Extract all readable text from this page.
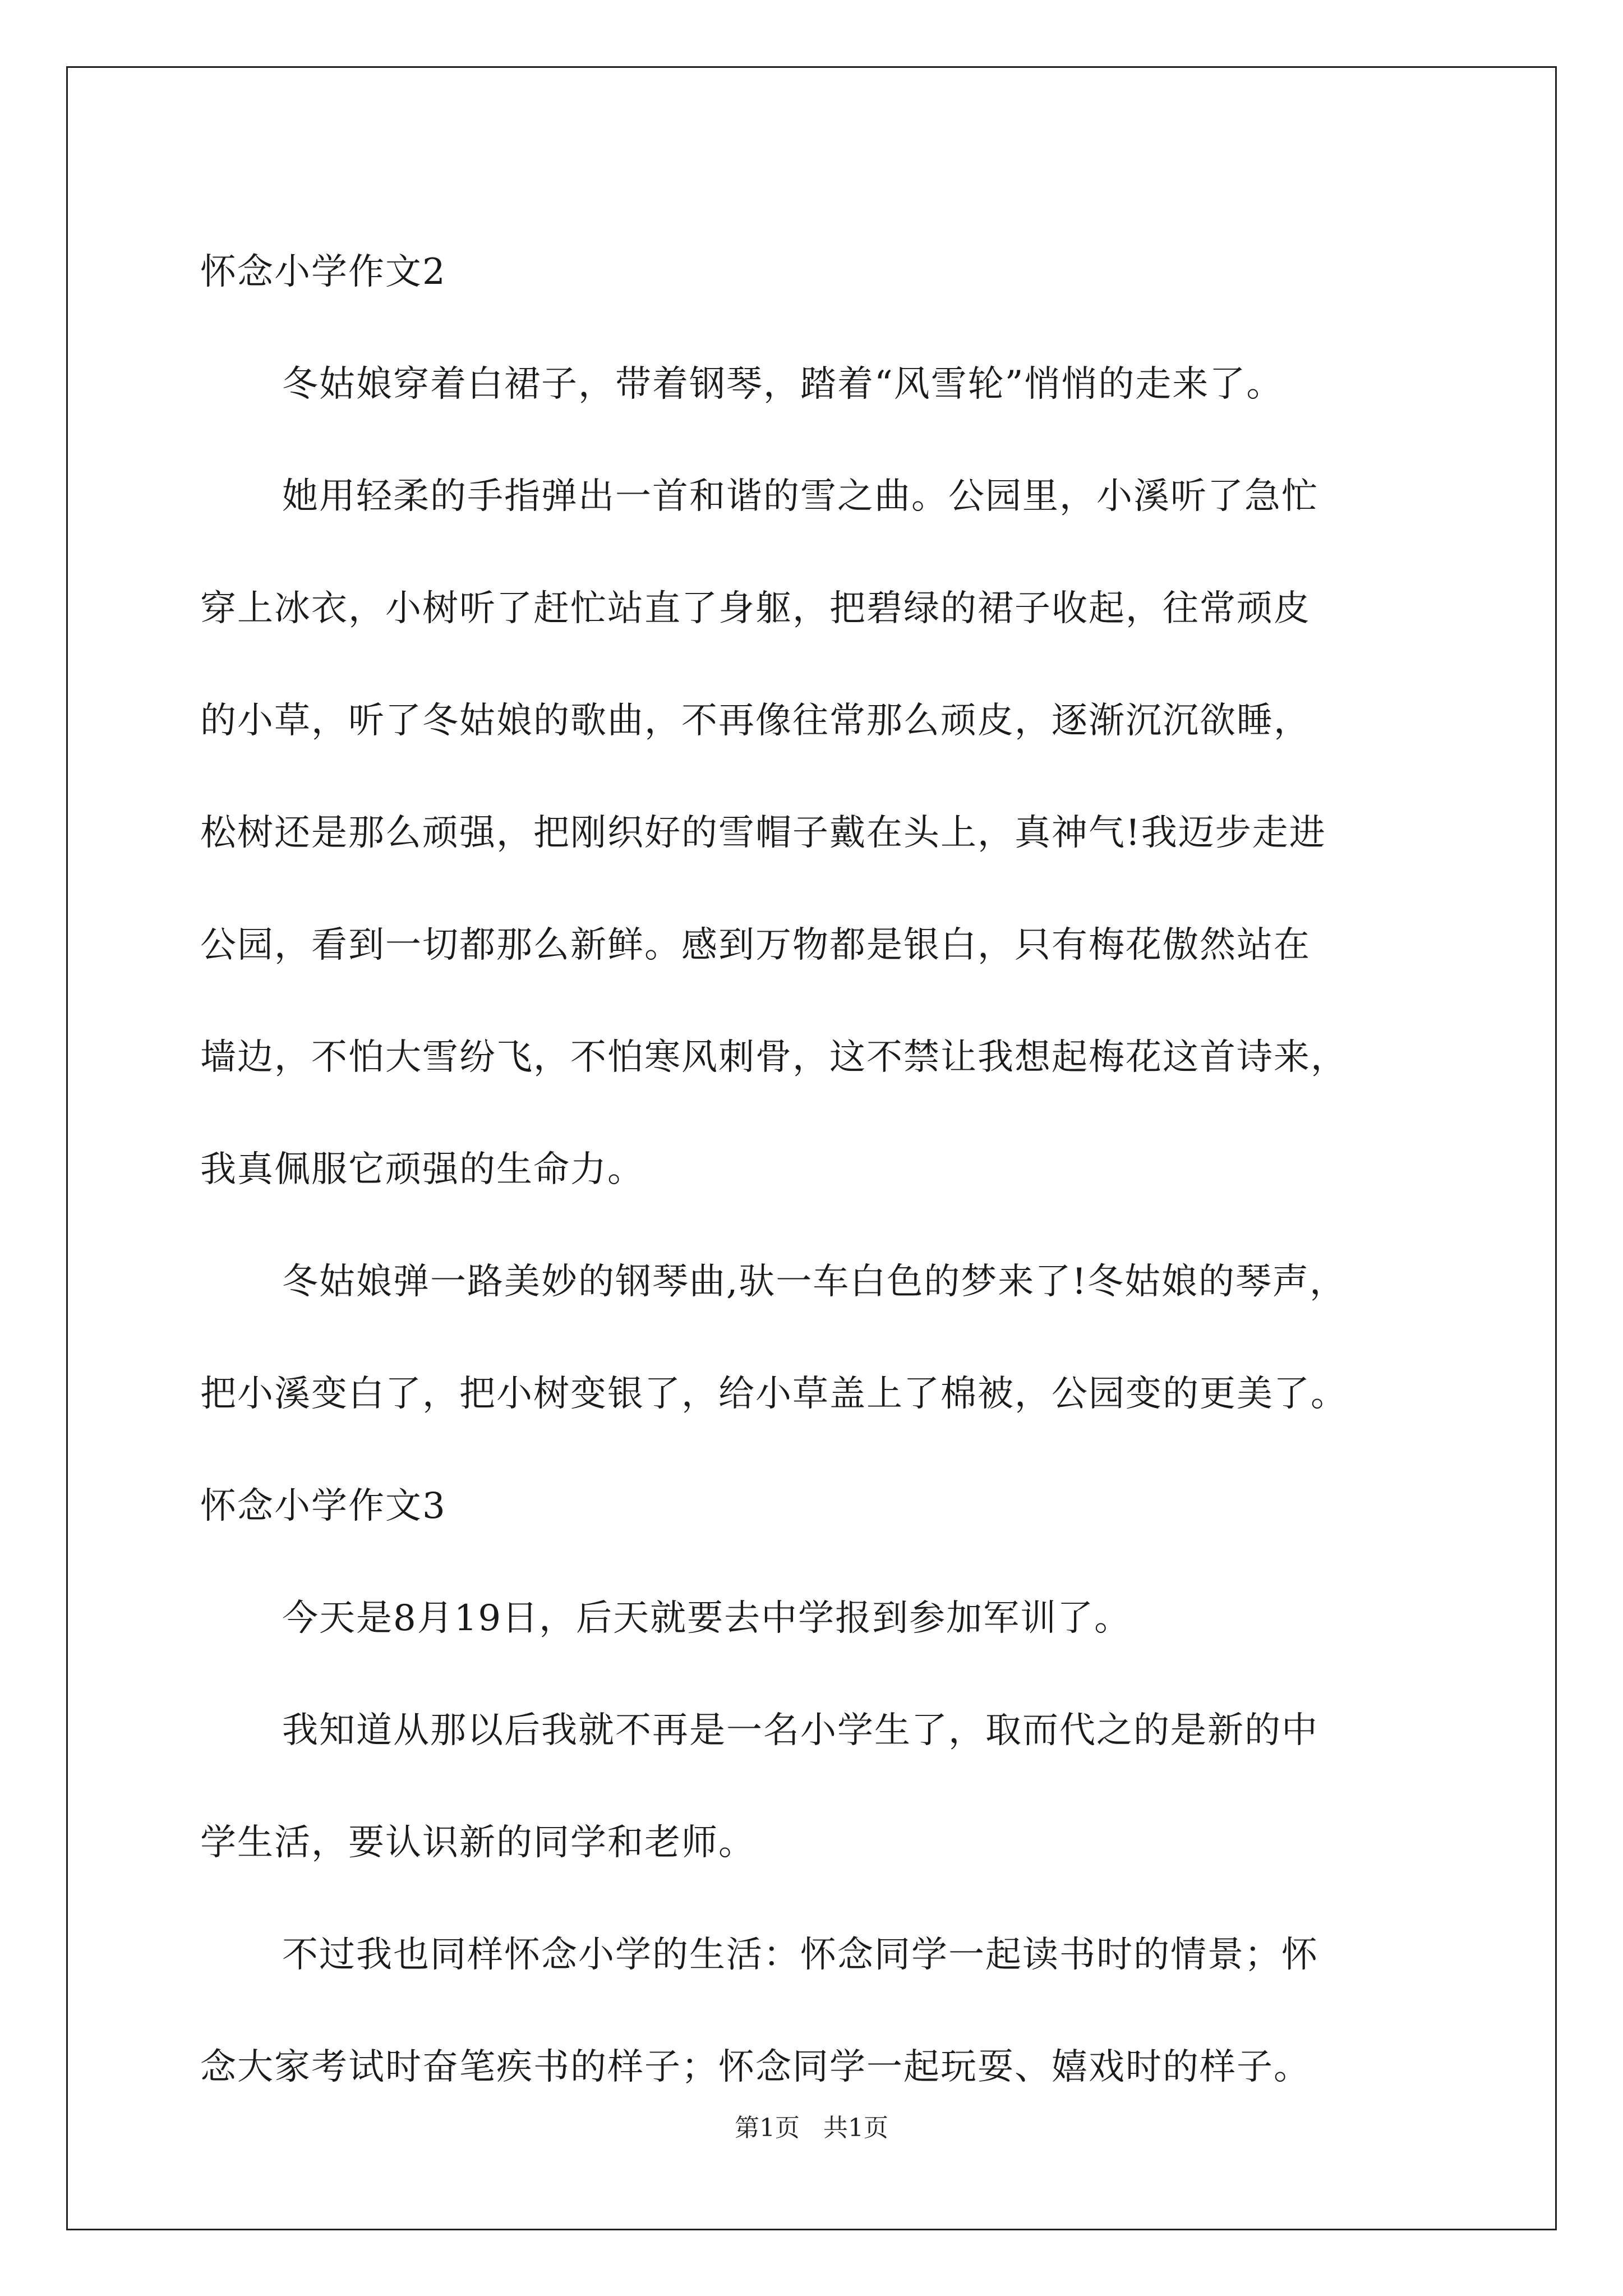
怀念小学作文2

冬姑娘穿着白裙子，带着钢琴，踏着“风雪轮”悄悄的走来了。

她用轻柔的手指弹出一首和谐的雪之曲。公园里，小溪听了急忙

穿上冰衣，小树听了赶忙站直了身躯，把碧绿的裙子收起，往常顽皮

的小草，听了冬姑娘的歌曲，不再像往常那么顽皮，逐渐沉沉欲睡，

松树还是那么顽强，把刚织好的雪帽子戴在头上，真神气!我迈步走进

公园，看到一切都那么新鲜。感到万物都是银白，只有梅花傲然站在

墙边，不怕大雪纷飞，不怕寒风刺骨，这不禁让我想起梅花这首诗来，

我真佩服它顽强的生命力。

冬姑娘弹一路美妙的钢琴曲,驮一车白色的梦来了!冬姑娘的琴声，

把小溪变白了，把小树变银了，给小草盖上了棉被，公园变的更美了。

怀念小学作文3

今天是8月19日，后天就要去中学报到参加军训了。

我知道从那以后我就不再是一名小学生了，取而代之的是新的中

学生活，要认识新的同学和老师。

不过我也同样怀念小学的生活：怀念同学一起读书时的情景；怀

念大家考试时奋笔疾书的样子；怀念同学一起玩耍、嬉戏时的样子。

第1页 共1页
